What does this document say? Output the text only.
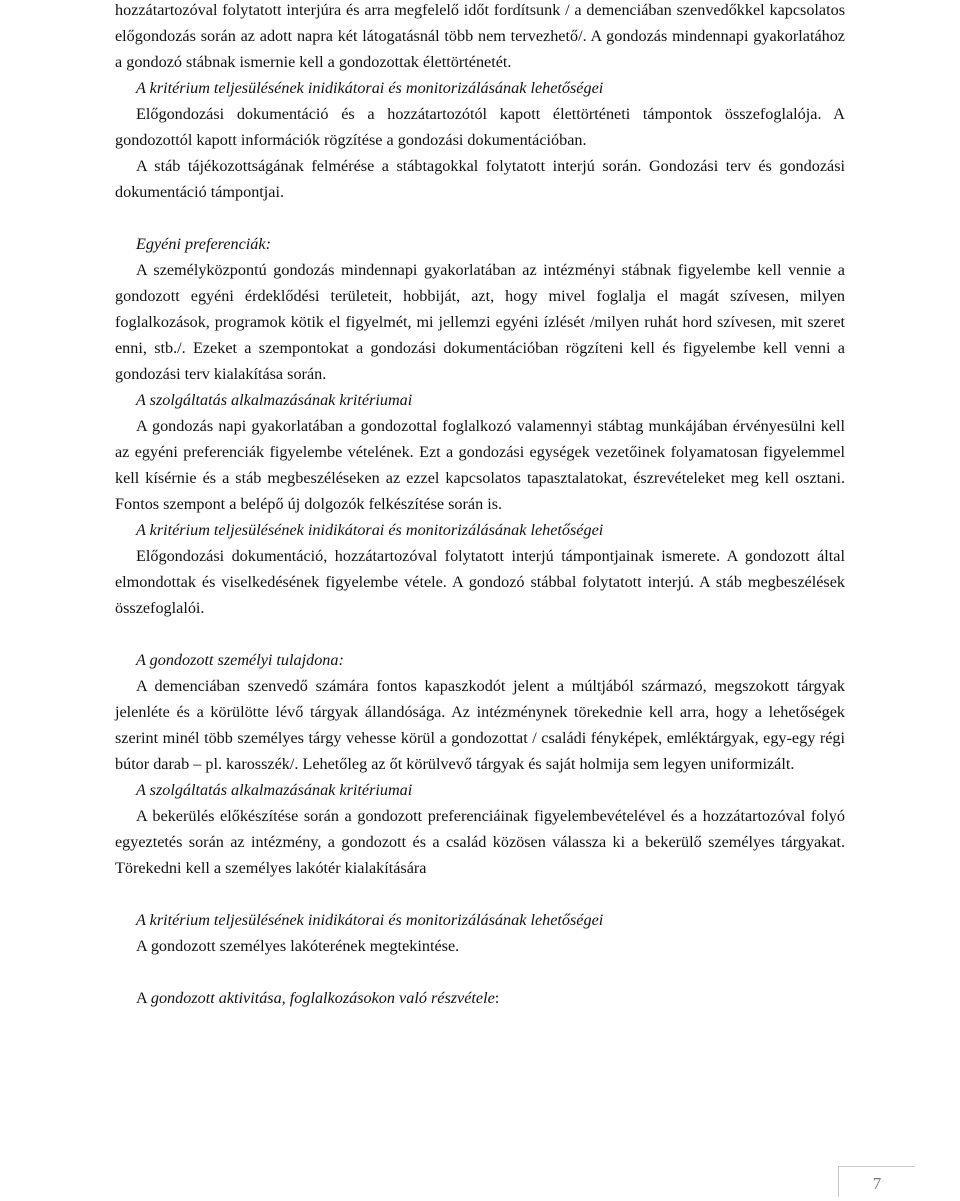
hozzátartozóval folytatott interjúra és arra megfelelő időt fordítsunk / a demenciában szenvedőkkel kapcsolatos előgondozás során az adott napra két látogatásnál több nem tervezhető/. A gondozás mindennapi gyakorlatához a gondozó stábnak ismernie kell a gondozottak élettörténetét.

A kritérium teljesülésének inidikátorai és monitorizálásának lehetőségei

Előgondozási dokumentáció és a hozzátartozótól kapott élettörténeti támpontok összefoglalója. A gondozottól kapott információk rögzítése a gondozási dokumentációban.

A stáb tájékozottságának felmérése a stábtagokkal folytatott interjú során. Gondozási terv és gondozási dokumentáció támpontjai.

Egyéni preferenciák:

A személyközpontú gondozás mindennapi gyakorlatában az intézményi stábnak figyelembe kell vennie a gondozott egyéni érdeklődési területeit, hobbiját, azt, hogy mivel foglalja el magát szívesen, milyen foglalkozások, programok kötik el figyelmét, mi jellemzi egyéni ízlését /milyen ruhát hord szívesen, mit szeret enni, stb./. Ezeket a szempontokat a gondozási dokumentációban rögzíteni kell és figyelembe kell venni a gondozási terv kialakítása során.

A szolgáltatás alkalmazásának kritériumai

A gondozás napi gyakorlatában a gondozottal foglalkozó valamennyi stábtag munkájában érvényesülni kell az egyéni preferenciák figyelembe vételének. Ezt a gondozási egységek vezetőinek folyamatosan figyelemmel kell kísérnie és a stáb megbeszéléseken az ezzel kapcsolatos tapasztalatokat, észrevételeket meg kell osztani. Fontos szempont a belépő új dolgozók felkészítése során is.

A kritérium teljesülésének inidikátorai és monitorizálásának lehetőségei

Előgondozási dokumentáció, hozzátartozóval folytatott interjú támpontjainak ismerete. A gondozott által elmondottak és viselkedésének figyelembe vétele. A gondozó stábbal folytatott interjú. A stáb megbeszélések összefoglalói.

A gondozott személyi tulajdona:

A demenciában szenvedő számára fontos kapaszkodót jelent a múltjából származó, megszokott tárgyak jelenléte és a körülötte lévő tárgyak állandósága. Az intézménynek törekednie kell arra, hogy a lehetőségek szerint minél több személyes tárgy vehesse körül a gondozottat / családi fényképek, emléktárgyak, egy-egy régi bútor darab – pl. karosszék/. Lehetőleg az őt körülvevő tárgyak és saját holmija sem legyen uniformizált.

A szolgáltatás alkalmazásának kritériumai

A bekerülés előkészítése során a gondozott preferenciáinak figyelembevételével és a hozzátartozóval folyó egyeztetés során az intézmény, a gondozott és a család közösen válassza ki a bekerülő személyes tárgyakat. Törekedni kell a személyes lakótér kialakítására

A kritérium teljesülésének inidikátorai és monitorizálásának lehetőségei

A gondozott személyes lakóterének megtekintése.

A gondozott aktivitása, foglalkozásokon való részvétele:

7
